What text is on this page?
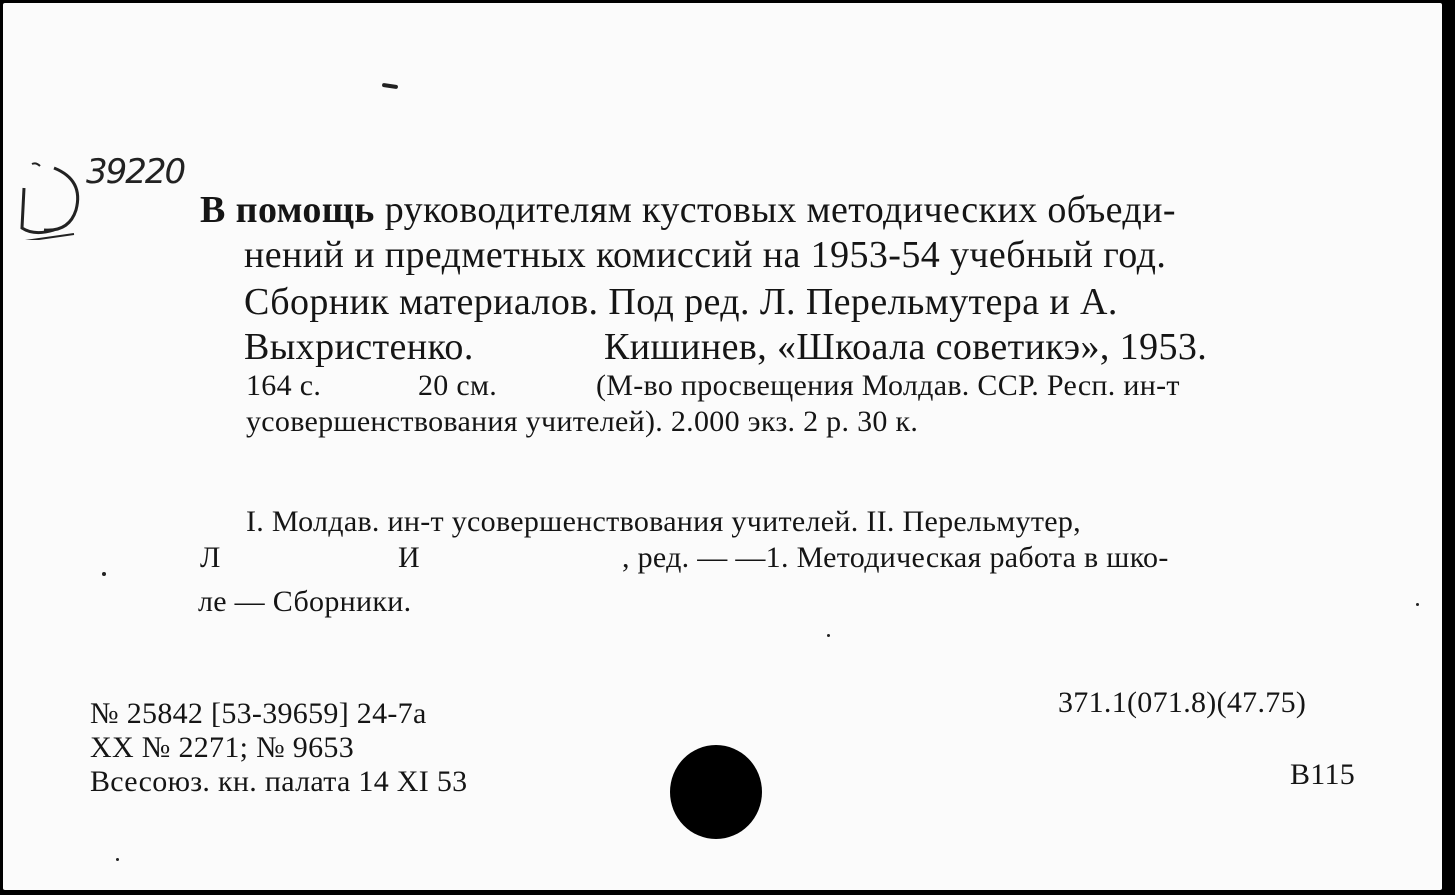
39220
В помощь руководителям кустовых методических объеди-
нений и предметных комиссий на 1953-54 учебный год.
Сборник материалов. Под ред. Л. Перельмутера и А.
Выхристенко.	Кишинев, «Шкоала советикэ», 1953.
164 с.	20 см.	(М-во просвещения Молдав. ССР. Респ. ин-т
усовершенствования учителей). 2.000 экз. 2 р. 30 к.
I. Молдав. ин-т усовершенствования учителей. II. Перельмутер,
Л	И	, ред. — —1. Методическая работа в шко-
ле — Сборники.
№ 25842 [53-39659] 24-7а
XX № 2271; № 9653
Всесоюз. кн. палата 14 XI 53
371.1(071.8)(47.75)
В115
